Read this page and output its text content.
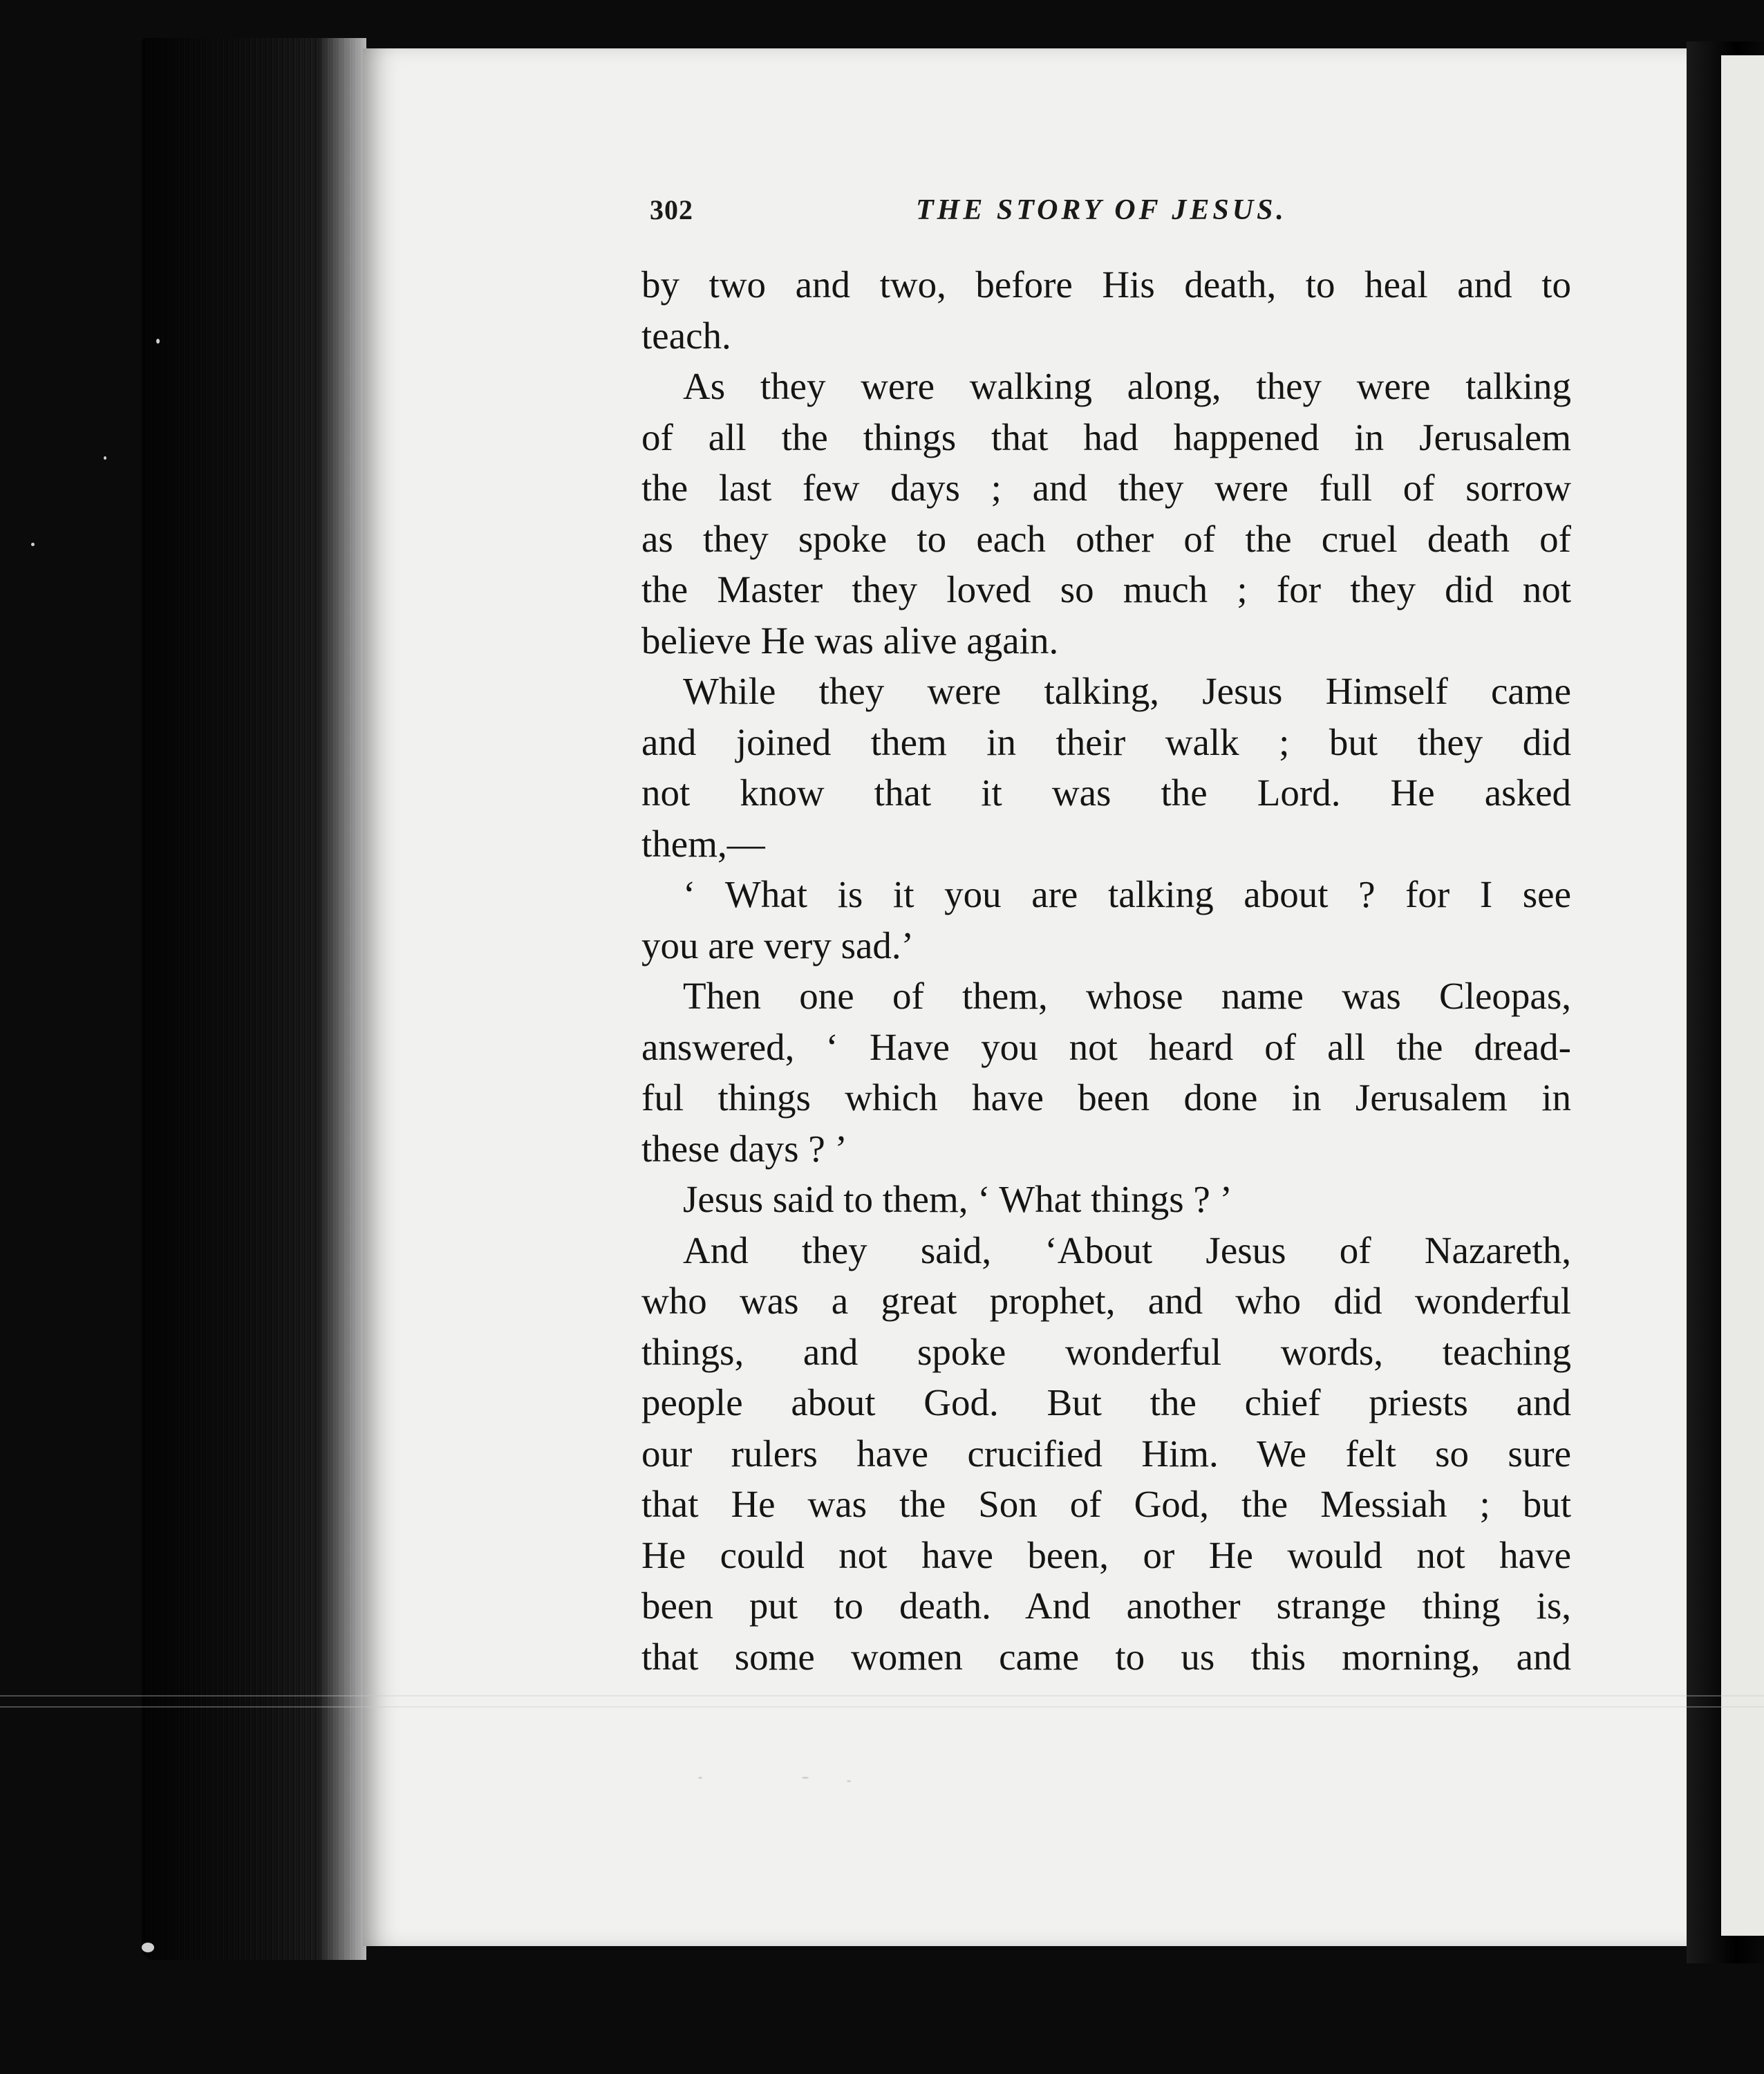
302	THE STORY OF JESUS.
by two and two, before His death, to heal and to
teach.
As they were walking along, they were talking
of all the things that had happened in Jerusalem
the last few days ; and they were full of sorrow
as they spoke to each other of the cruel death of
the Master they loved so much ; for they did not
believe He was alive again.
While they were talking, Jesus Himself came
and joined them in their walk ; but they did
not know that it was the Lord. He asked
them,—
‘ What is it you are talking about ? for I see
you are very sad.’
Then one of them, whose name was Cleopas,
answered, ‘ Have you not heard of all the dread-
ful things which have been done in Jerusalem in
these days ? ’
Jesus said to them, ‘ What things ? ’
And they said, ‘About Jesus of Nazareth,
who was a great prophet, and who did wonderful
things, and spoke wonderful words, teaching
people about God. But the chief priests and
our rulers have crucified Him. We felt so sure
that He was the Son of God, the Messiah ; but
He could not have been, or He would not have
been put to death. And another strange thing is,
that some women came to us this morning, and
